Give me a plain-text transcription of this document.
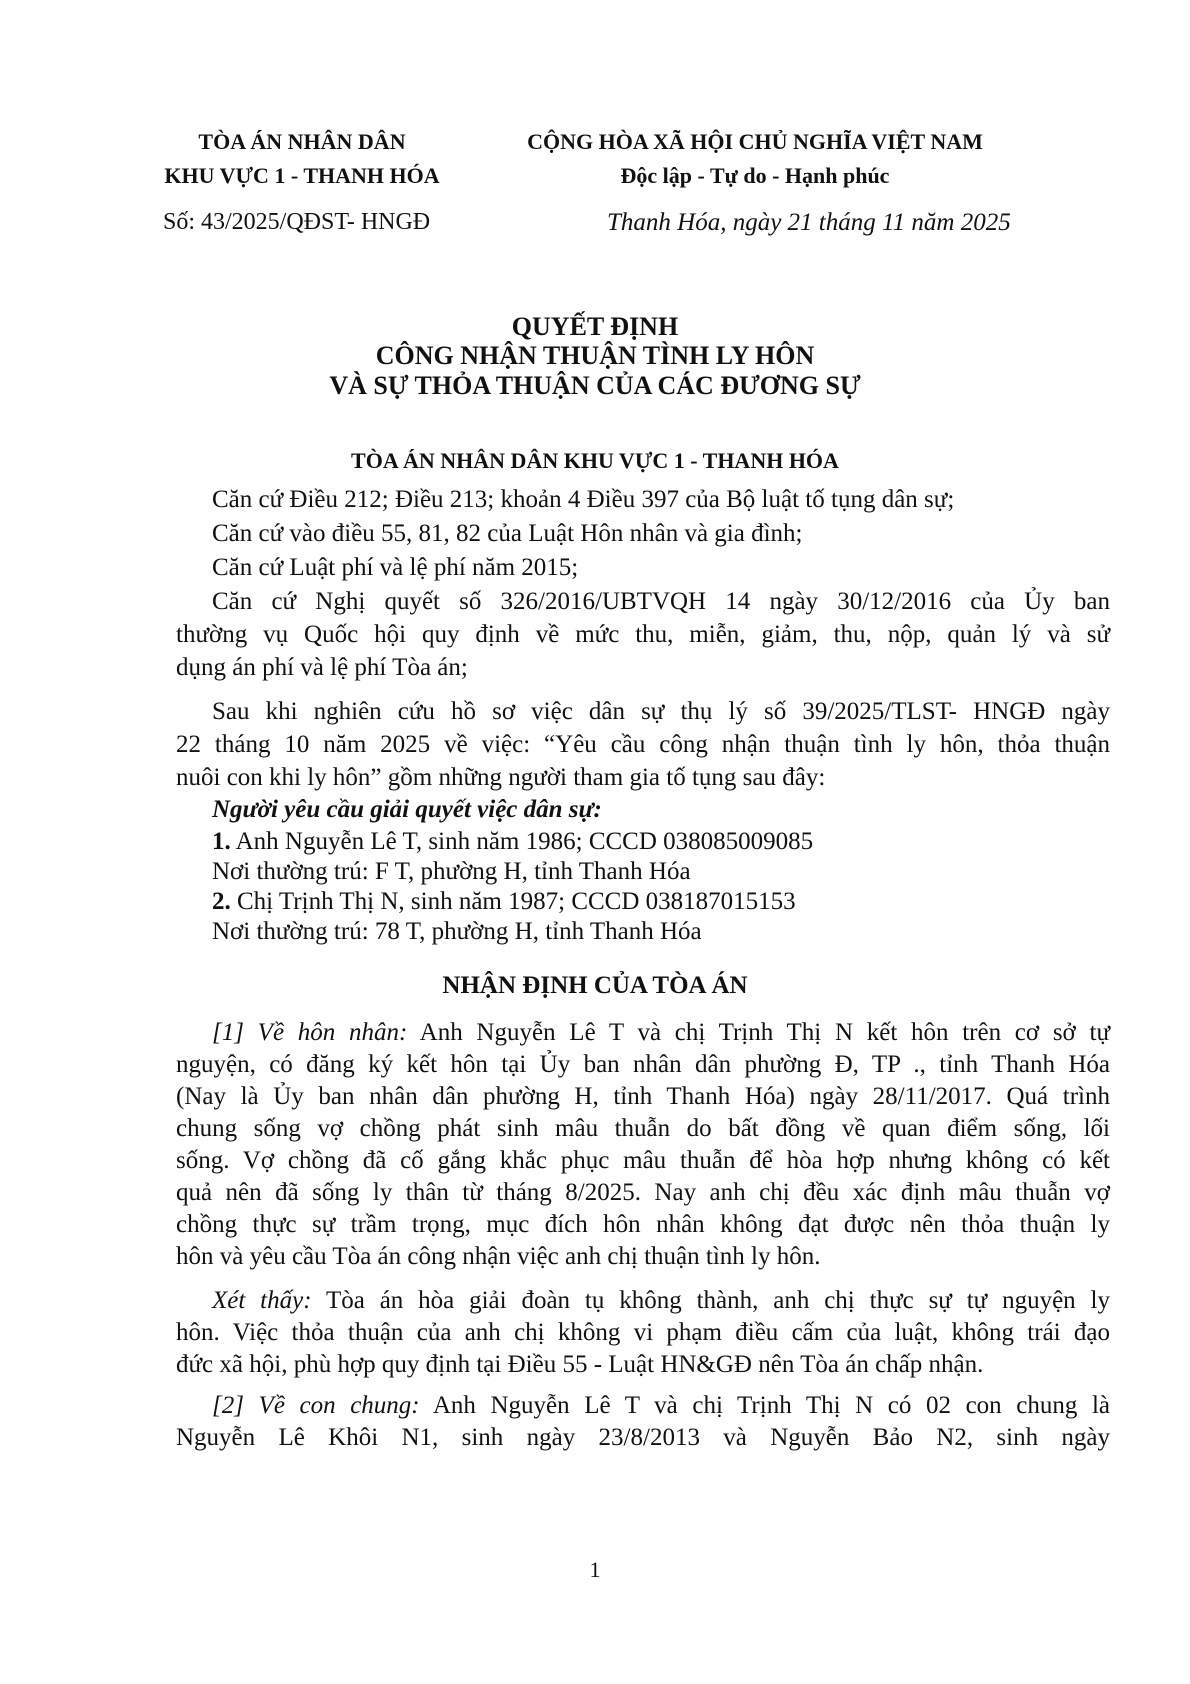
TÒA ÁN NHÂN DÂN
KHU VỰC 1 - THANH HÓA
CỘNG HÒA XÃ HỘI CHỦ NGHĨA VIỆT NAM
Độc lập - Tự do - Hạnh phúc
Số: 43/2025/QĐST- HNGĐ	Thanh Hóa, ngày 21 tháng 11 năm 2025
QUYẾT ĐỊNH
CÔNG NHẬN THUẬN TÌNH LY HÔN
VÀ SỰ THỎA THUẬN CỦA CÁC ĐƯƠNG SỰ
TÒA ÁN NHÂN DÂN KHU VỰC 1 - THANH HÓA
Căn cứ Điều 212; Điều 213; khoản 4 Điều 397 của Bộ luật tố tụng dân sự;
Căn cứ vào điều 55, 81, 82 của Luật Hôn nhân và gia đình;
Căn cứ Luật phí và lệ phí năm 2015;
Căn cứ Nghị quyết số 326/2016/UBTVQH 14 ngày 30/12/2016 của Ủy ban
thường vụ Quốc hội quy định về mức thu, miễn, giảm, thu, nộp, quản lý và sử
dụng án phí và lệ phí Tòa án;
Sau khi nghiên cứu hồ sơ việc dân sự thụ lý số 39/2025/TLST- HNGĐ ngày
22 tháng 10 năm 2025 về việc: “Yêu cầu công nhận thuận tình ly hôn, thỏa thuận
nuôi con khi ly hôn” gồm những người tham gia tố tụng sau đây:
Người yêu cầu giải quyết việc dân sự:
1. Anh Nguyễn Lê T, sinh năm 1986; CCCD 038085009085
Nơi thường trú: F T, phường H, tỉnh Thanh Hóa
2. Chị Trịnh Thị N, sinh năm 1987; CCCD 038187015153
Nơi thường trú: 78 T, phường H, tỉnh Thanh Hóa
NHẬN ĐỊNH CỦA TÒA ÁN
[1] Về hôn nhân: Anh Nguyễn Lê T và chị Trịnh Thị N kết hôn trên cơ sở tự
nguyện, có đăng ký kết hôn tại Ủy ban nhân dân phường Đ, TP ., tỉnh Thanh Hóa
(Nay là Ủy ban nhân dân phường H, tỉnh Thanh Hóa) ngày 28/11/2017. Quá trình
chung sống vợ chồng phát sinh mâu thuẫn do bất đồng về quan điểm sống, lối
sống. Vợ chồng đã cố gắng khắc phục mâu thuẫn để hòa hợp nhưng không có kết
quả nên đã sống ly thân từ tháng 8/2025. Nay anh chị đều xác định mâu thuẫn vợ
chồng thực sự trầm trọng, mục đích hôn nhân không đạt được nên thỏa thuận ly
hôn và yêu cầu Tòa án công nhận việc anh chị thuận tình ly hôn.
Xét thấy: Tòa án hòa giải đoàn tụ không thành, anh chị thực sự tự nguyện ly
hôn. Việc thỏa thuận của anh chị không vi phạm điều cấm của luật, không trái đạo
đức xã hội, phù hợp quy định tại Điều 55 - Luật HN&GĐ nên Tòa án chấp nhận.
[2] Về con chung: Anh Nguyễn Lê T và chị Trịnh Thị N có 02 con chung là
Nguyễn Lê Khôi N1, sinh ngày 23/8/2013 và Nguyễn Bảo N2, sinh ngày
1
